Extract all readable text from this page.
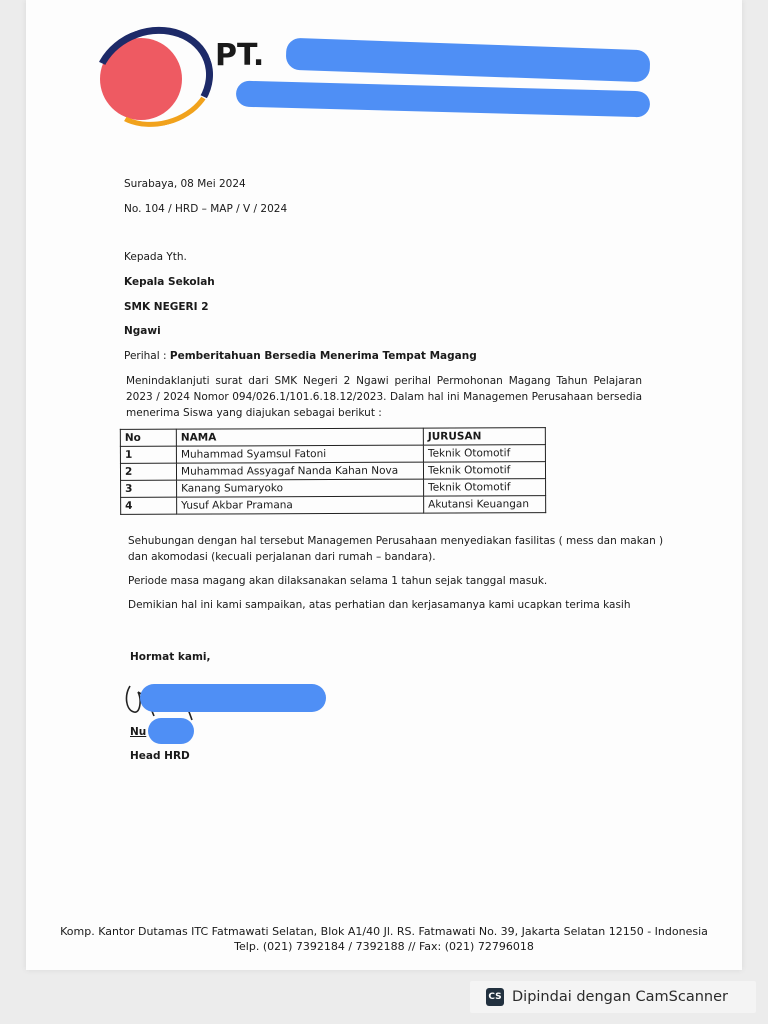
PT.
Surabaya, 08 Mei 2024
No. 104 / HRD – MAP / V / 2024
Kepada Yth.
Kepala Sekolah
SMK NEGERI 2
Ngawi
Perihal : Pemberitahuan Bersedia Menerima Tempat Magang
Menindaklanjuti surat dari SMK Negeri 2 Ngawi perihal Permohonan Magang Tahun Pelajaran 2023 / 2024 Nomor 094/026.1/101.6.18.12/2023. Dalam hal ini Managemen Perusahaan bersedia menerima Siswa yang diajukan sebagai berikut :
No	NAMA	JURUSAN
1	Muhammad Syamsul Fatoni	Teknik Otomotif
2	Muhammad Assyagaf Nanda Kahan Nova	Teknik Otomotif
3	Kanang Sumaryoko	Teknik Otomotif
4	Yusuf Akbar Pramana	Akutansi Keuangan
Sehubungan dengan hal tersebut Managemen Perusahaan menyediakan fasilitas ( mess dan makan )
dan akomodasi (kecuali perjalanan dari rumah – bandara).
Periode masa magang akan dilaksanakan selama 1 tahun sejak tanggal masuk.
Demikian hal ini kami sampaikan, atas perhatian dan kerjasamanya kami ucapkan terima kasih
Hormat kami,
Nu
Head HRD
Komp. Kantor Dutamas ITC Fatmawati Selatan, Blok A1/40 Jl. RS. Fatmawati No. 39, Jakarta Selatan 12150 - Indonesia
Telp. (021) 7392184 / 7392188 // Fax: (021) 72796018
CS Dipindai dengan CamScanner
